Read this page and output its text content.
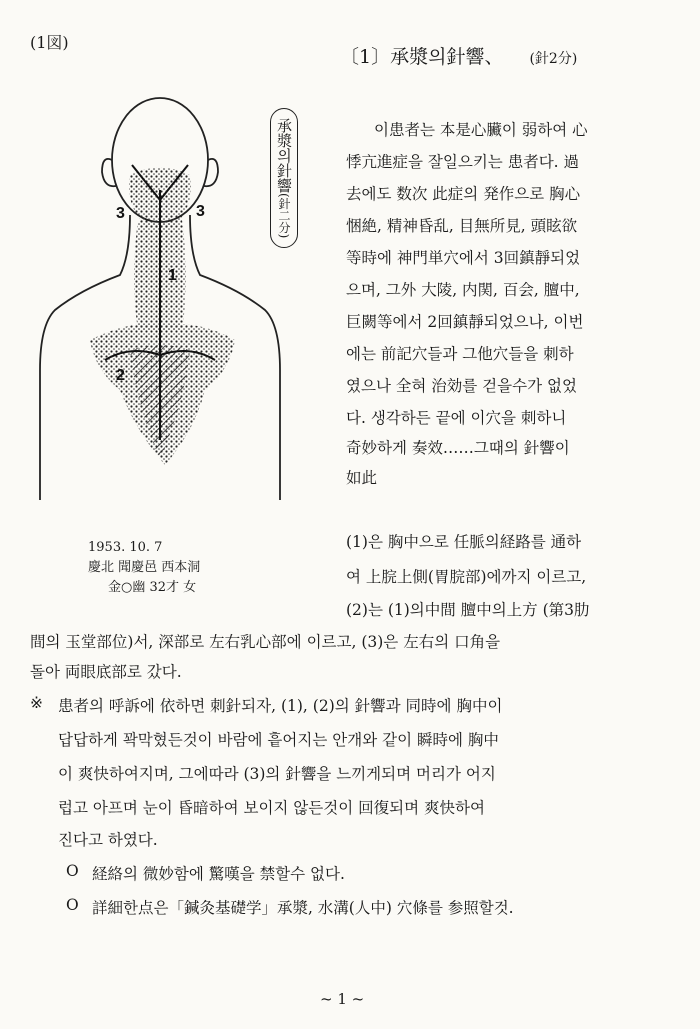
(1図)
〔1〕承漿의針響、 (針2分)
3	3
1
2
承漿의針響(針二分)
1953. 10. 7
慶北 聞慶邑 西本洞
金○幽 32才 女
이患者는 本是心臟이 弱하여 心
悸亢進症을 잘일으키는 患者다. 過
去에도 数次 此症의 発作으로 胸心
悃絶, 精神昏乱, 目無所見, 頭眩欲
等時에 神門単穴에서 3回鎮靜되었
으며, 그外 大陵, 内関, 百会, 膻中,
巨闕等에서 2回鎮靜되었으나, 이번
에는 前記穴들과 그他穴들을 刺하
였으나 全혀 治効를 걷을수가 없었
다. 생각하든 끝에 이穴을 刺하니
奇妙하게 奏效……그때의 針響이
如此
(1)은 胸中으로 任脈의経路를 通하
여 上脘上側(胃脘部)에까지 이르고,
(2)는 (1)의中間 膻中의上方 (第3肋
間의 玉堂部位)서, 深部로 左右乳心部에 이르고, (3)은 左右의 口角을
돌아 両眼底部로 갔다.
※ 患者의 呼訴에 依하면 刺針되자, (1), (2)의 針響과 同時에 胸中이
답답하게 꽉막혔든것이 바람에 흩어지는 안개와 같이 瞬時에 胸中
이 爽快하여지며, 그에따라 (3)의 針響을 느끼게되며 머리가 어지
럽고 아프며 눈이 昏暗하여 보이지 않든것이 回復되며 爽快하여
진다고 하였다.
O 経絡의 微妙함에 驚嘆을 禁할수 없다.
O 詳細한点은「鍼灸基礎学」承漿, 水溝(人中) 穴條를 参照할것.
~ 1 ~
